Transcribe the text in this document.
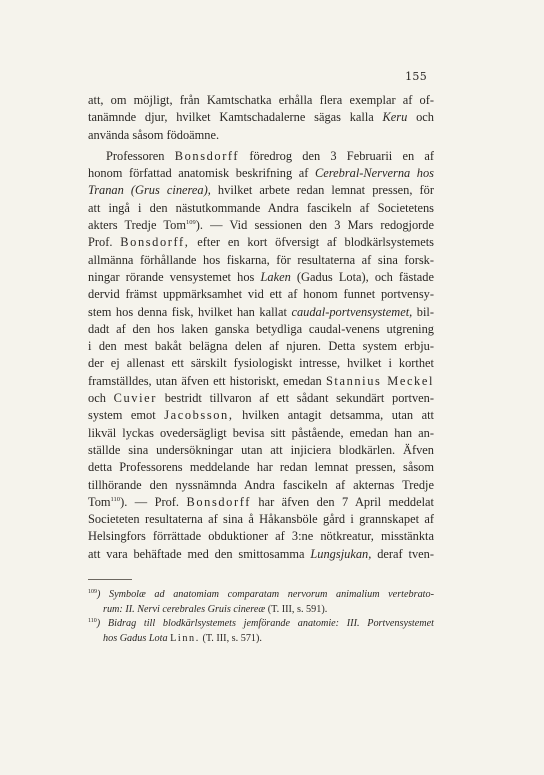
155
att, om möjligt, från Kamtschatka erhålla flera exemplar af of-
tanämnde djur, hvilket Kamtschadalerne sägas kalla Keru och
använda såsom födoämne.
Professoren Bonsdorff föredrog den 3 Februarii en af
honom författad anatomisk beskrifning af Cerebral-Nerverna hos
Tranan (Grus cinerea), hvilket arbete redan lemnat pressen, för
att ingå i den nästutkommande Andra fascikeln af Societetens
akters Tredje Tom$^{109}$). — Vid sessionen den 3 Mars redogjorde
Prof. Bonsdorff, efter en kort öfversigt af blodkärlsystemets
allmänna förhållande hos fiskarna, för resultaterna af sina forsk-
ningar rörande vensystemet hos Laken (Gadus Lota), och fästade
dervid främst uppmärksamhet vid ett af honom funnet portvensy-
stem hos denna fisk, hvilket han kallat caudal-portvensystemet, bil-
dadt af den hos laken ganska betydliga caudal-venens utgrening
i den mest bakåt belägna delen af njuren. Detta system erbju-
der ej allenast ett särskilt fysiologiskt intresse, hvilket i korthet
framställdes, utan äfven ett historiskt, emedan Stannius Meckel
och Cuvier bestridt tillvaron af ett sådant sekundärt portven-
system emot Jacobsson, hvilken antagit detsamma, utan att
likväl lyckas ovedersägligt bevisa sitt påstående, emedan han an-
ställde sina undersökningar utan att injiciera blodkärlen. Äfven
detta Professorens meddelande har redan lemnat pressen, såsom
tillhörande den nyssnämnda Andra fascikeln af akternas Tredje
Tom$^{110}$). — Prof. Bonsdorff har äfven den 7 April meddelat
Societeten resultaterna af sina å Håkansböle gård i grannskapet af
Helsingfors förrättade obduktioner af 3:ne nötkreatur, misstänkta
att vara behäftade med den smittosamma Lungsjukan, deraf tven-
$^{109}$) Symbolæ ad anatomiam comparatam nervorum animalium vertebrato-
rum: II. Nervi cerebrales Gruis cinereæ (T. III, s. 591).
$^{110}$) Bidrag till blodkärlsystemets jemförande anatomie: III. Portvensystemet
hos Gadus Lota Linn. (T. III, s. 571).
